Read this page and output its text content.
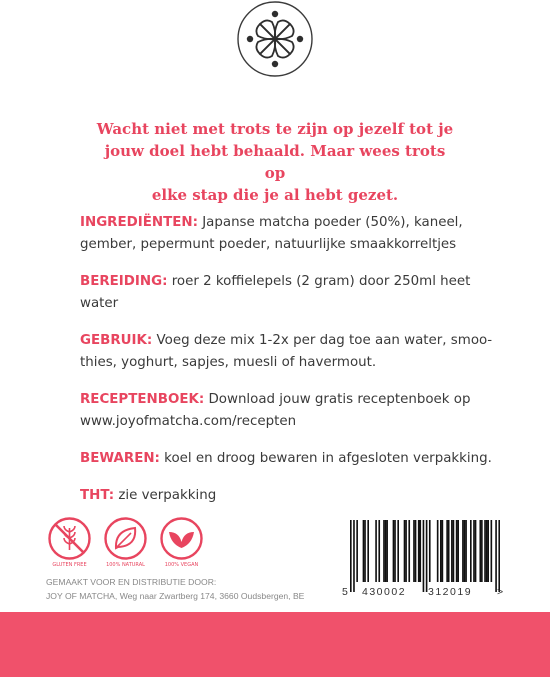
Wacht niet met trots te zijn op jezelf tot je
jouw doel hebt behaald. Maar wees trots op
elke stap die je al hebt gezet.
INGREDIËNTEN: Japanse matcha poeder (50%), kaneel, gember, pepermunt poeder, natuurlijke smaakkorreltjes
BEREIDING: roer 2 koffielepels (2 gram) door 250ml heet water
GEBRUIK: Voeg deze mix 1-2x per dag toe aan water, smoothies, yoghurt, sapjes, muesli of havermout.
RECEPTENBOEK: Download jouw gratis receptenboek op www.joyofmatcha.com/recepten
BEWAREN: koel en droog bewaren in afgesloten verpakking.
THT: zie verpakking
GLUTEN FREE	100% NATURAL	100% VEGAN
GEMAAKT VOOR EN DISTRIBUTIE DOOR:
JOY OF MATCHA, Weg naar Zwartberg 174, 3660 Oudsbergen, BE	5 430002 312019 >
